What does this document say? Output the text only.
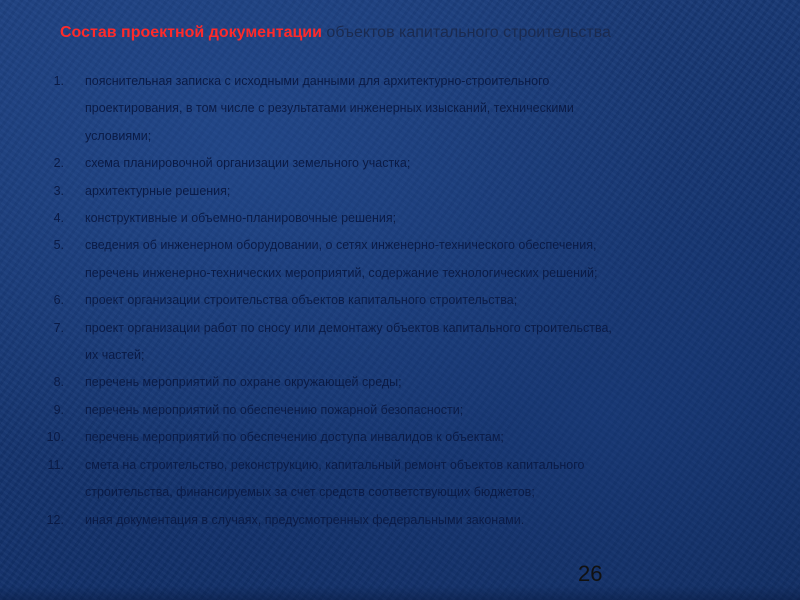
Состав проектной документации объектов капитального строительства
1. пояснительная записка с исходными данными для архитектурно-строительного
проектирования, в том числе с результатами инженерных изысканий, техническими
условиями;
2. схема планировочной организации земельного участка;
3. архитектурные решения;
4. конструктивные и объемно-планировочные решения;
5. сведения об инженерном оборудовании, о сетях инженерно-технического обеспечения,
перечень инженерно-технических мероприятий, содержание технологических решений;
6. проект организации строительства объектов капитального строительства;
7. проект организации работ по сносу или демонтажу объектов капитального строительства,
их частей;
8. перечень мероприятий по охране окружающей среды;
9. перечень мероприятий по обеспечению пожарной безопасности;
10. перечень мероприятий по обеспечению доступа инвалидов к объектам;
11. смета на строительство, реконструкцию, капитальный ремонт объектов капитального
строительства, финансируемых за счет средств соответствующих бюджетов;
12. иная документация в случаях, предусмотренных федеральными законами.
26
